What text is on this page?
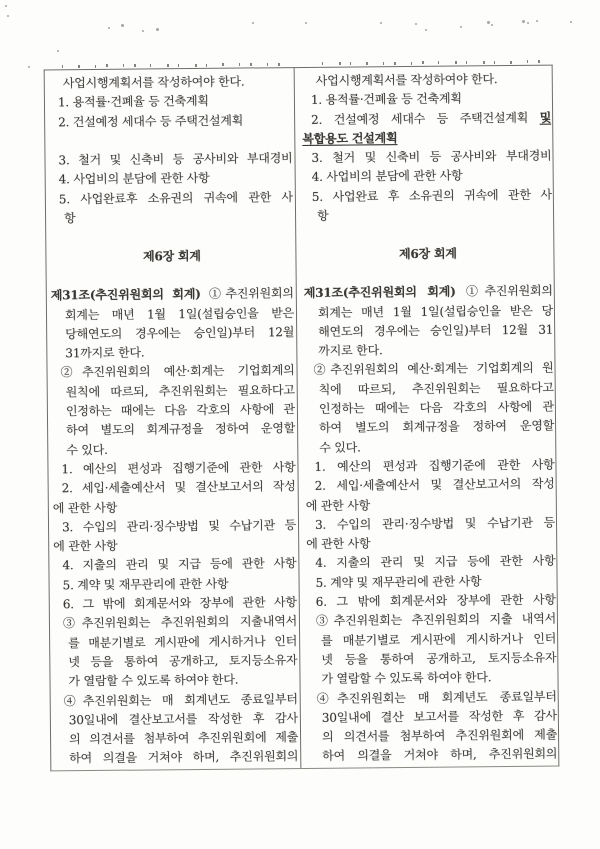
사업시행계획서를 작성하여야 한다.
1. 용적률·건폐율 등 건축계획
2. 건설예정 세대수 등 주택건설계획
3. 철거 및 신축비 등 공사비와 부대경비
4. 사업비의 분담에 관한 사항
5. 사업완료후 소유권의 귀속에 관한 사
항
제6장 회계
제31조(추진위원회의 회계) ①추진위원회의
회계는 매년 1월 1일(설립승인을 받은
당해연도의 경우에는 승인일)부터 12월
31까지로 한다.
②추진위원회의 예산·회계는 기업회계의
원칙에 따르되, 추진위원회는 필요하다고
인정하는 때에는 다음 각호의 사항에 관
하여 별도의 회계규정을 정하여 운영할
수 있다.
1. 예산의 편성과 집행기준에 관한 사항
2. 세입·세출예산서 및 결산보고서의 작성
에 관한 사항
3. 수입의 관리·징수방법 및 수납기관 등
에 관한 사항
4. 지출의 관리 및 지급 등에 관한 사항
5. 계약 및 재무관리에 관한 사항
6. 그 밖에 회계문서와 장부에 관한 사항
③추진위원회는 추진위원회의 지출내역서
를 매분기별로 게시판에 게시하거나 인터
넷 등을 통하여 공개하고, 토지등소유자
가 열람할 수 있도록 하여야 한다.
④추진위원회는 매 회계년도 종료일부터
30일내에 결산보고서를 작성한 후 감사
의 의견서를 첨부하여 추진위원회에 제출
하여 의결을 거쳐야 하며, 추진위원회의
사업시행계획서를 작성하여야 한다.
1. 용적률·건폐율 등 건축계획
2. 건설예정 세대수 등 주택건설계획 및
복합용도 건설계획
3. 철거 및 신축비 등 공사비와 부대경비
4. 사업비의 분담에 관한 사항
5. 사업완료 후 소유권의 귀속에 관한 사
항
제6장 회계
제31조(추진위원회의 회계) ①추진위원회의
회계는 매년 1월 1일(설립승인을 받은 당
해연도의 경우에는 승인일)부터 12월 31
까지로 한다.
②추진위원회의 예산·회계는 기업회계의 원
칙에 따르되, 추진위원회는 필요하다고
인정하는 때에는 다음 각호의 사항에 관
하여 별도의 회계규정을 정하여 운영할
수 있다.
1. 예산의 편성과 집행기준에 관한 사항
2. 세입·세출예산서 및 결산보고서의 작성
에 관한 사항
3. 수입의 관리·징수방법 및 수납기관 등
에 관한 사항
4. 지출의 관리 및 지급 등에 관한 사항
5. 계약 및 재무관리에 관한 사항
6. 그 밖에 회계문서와 장부에 관한 사항
③추진위원회는 추진위원회의 지출 내역서
를 매분기별로 게시판에 게시하거나 인터
넷 등을 통하여 공개하고, 토지등소유자
가 열람할 수 있도록 하여야 한다.
④추진위원회는 매 회계년도 종료일부터
30일내에 결산 보고서를 작성한 후 감사
의 의견서를 첨부하여 추진위원회에 제출
하여 의결을 거쳐야 하며, 추진위원회의
